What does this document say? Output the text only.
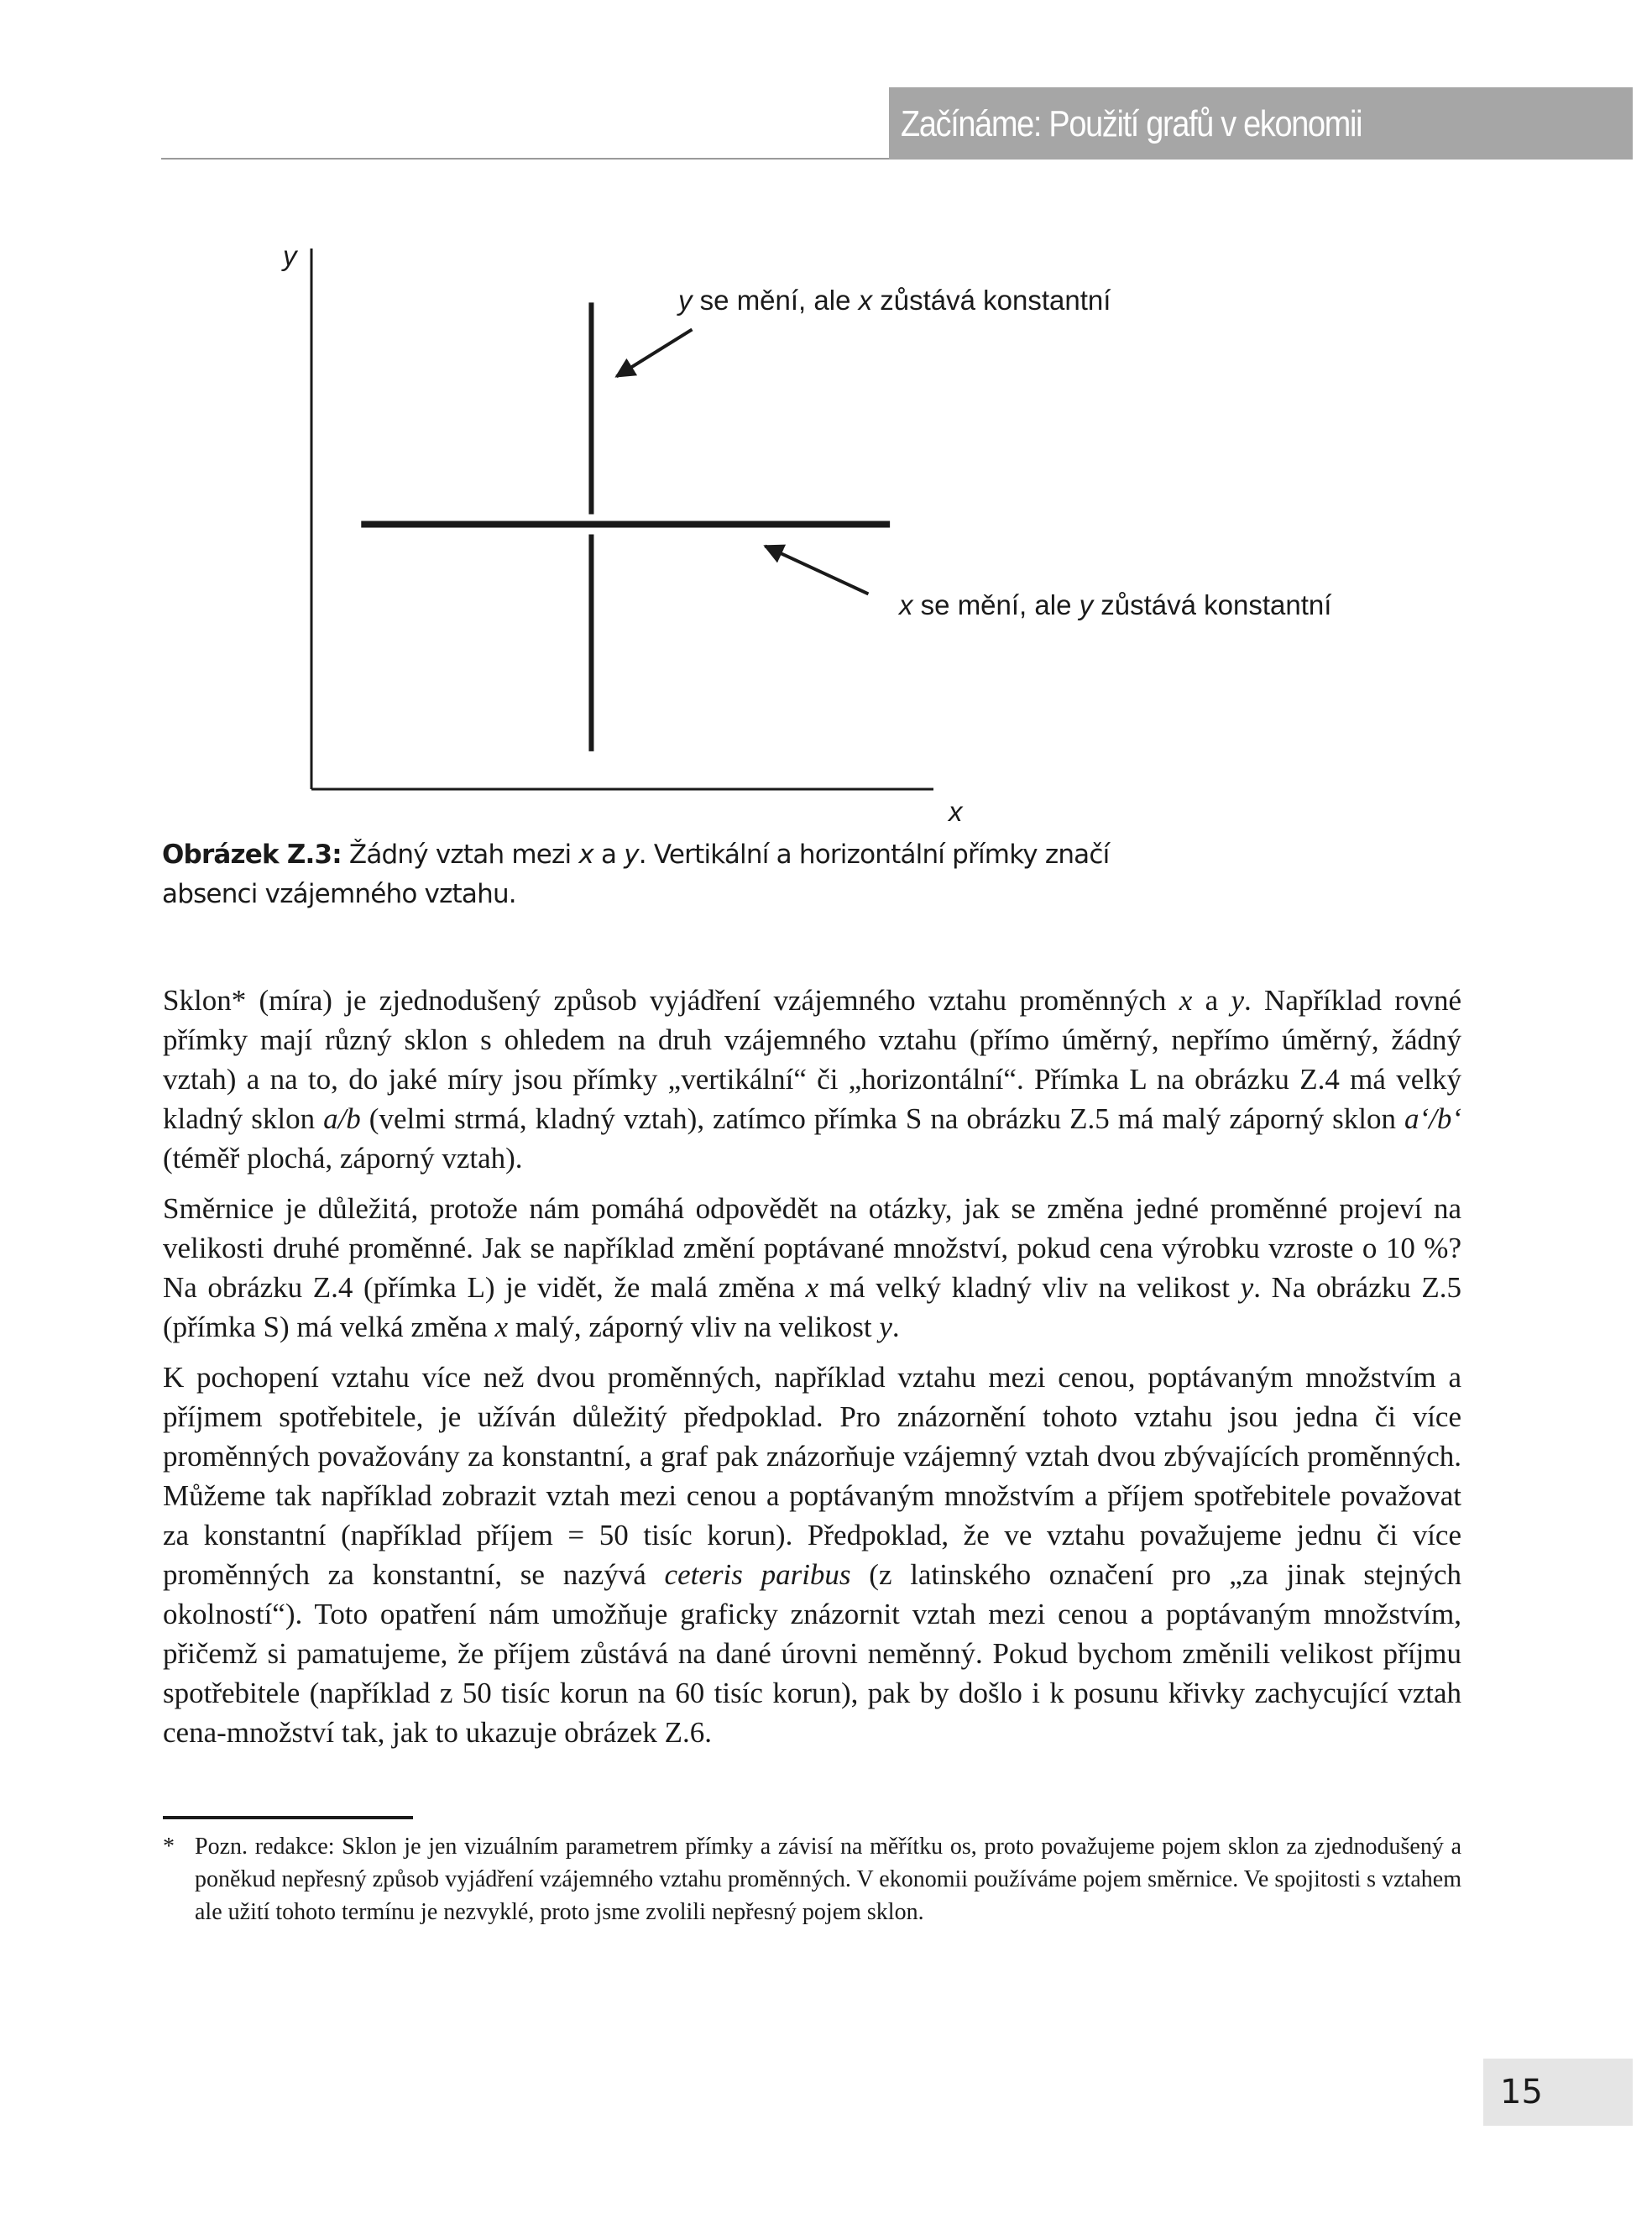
Začínáme: Použití grafů v ekonomii
y
x
y se mění, ale x zůstává konstantní
x se mění, ale y zůstává konstantní
Obrázek Z.3: Žádný vztah mezi x a y. Vertikální a horizontální přímky značí absenci vzájemného vztahu.

Sklon* (míra) je zjednodušený způsob vyjádření vzájemného vztahu proměnných x a y. Například rovné přímky mají různý sklon s ohledem na druh vzájemného vztahu (přímo úměrný, nepřímo úměrný, žádný vztah) a na to, do jaké míry jsou přímky „vertikální“ či „horizontální“. Přímka L na obrázku Z.4 má velký kladný sklon a/b (velmi strmá, kladný vztah), zatímco přímka S na obrázku Z.5 má malý záporný sklon a‘/b‘ (téměř plochá, záporný vztah).

Směrnice je důležitá, protože nám pomáhá odpovědět na otázky, jak se změna jedné proměnné projeví na velikosti druhé proměnné. Jak se například změní poptávané množství, pokud cena výrobku vzroste o 10 %? Na obrázku Z.4 (přímka L) je vidět, že malá změna x má velký kladný vliv na velikost y. Na obrázku Z.5 (přímka S) má velká změna x malý, záporný vliv na velikost y.

K pochopení vztahu více než dvou proměnných, například vztahu mezi cenou, poptávaným množstvím a příjmem spotřebitele, je užíván důležitý předpoklad. Pro znázornění tohoto vztahu jsou jedna či více proměnných považovány za konstantní, a graf pak znázorňuje vzájemný vztah dvou zbývajících proměnných. Můžeme tak například zobrazit vztah mezi cenou a poptávaným množstvím a příjem spotřebitele považovat za konstantní (například příjem = 50 tisíc korun). Předpoklad, že ve vztahu považujeme jednu či více proměnných za konstantní, se nazývá ceteris paribus (z latinského označení pro „za jinak stejných okolností“). Toto opatření nám umožňuje graficky znázornit vztah mezi cenou a poptávaným množstvím, přičemž si pamatujeme, že příjem zůstává na dané úrovni neměnný. Pokud bychom změnili velikost příjmu spotřebitele (například z 50 tisíc korun na 60 tisíc korun), pak by došlo i k posunu křivky zachycující vztah cena-množství tak, jak to ukazuje obrázek Z.6.

* Pozn. redakce: Sklon je jen vizuálním parametrem přímky a závisí na měřítku os, proto považujeme pojem sklon za zjednodušený a poněkud nepřesný způsob vyjádření vzájemného vztahu proměnných. V ekonomii používáme pojem směrnice. Ve spojitosti s vztahem ale užití tohoto termínu je nezvyklé, proto jsme zvolili nepřesný pojem sklon.
15
